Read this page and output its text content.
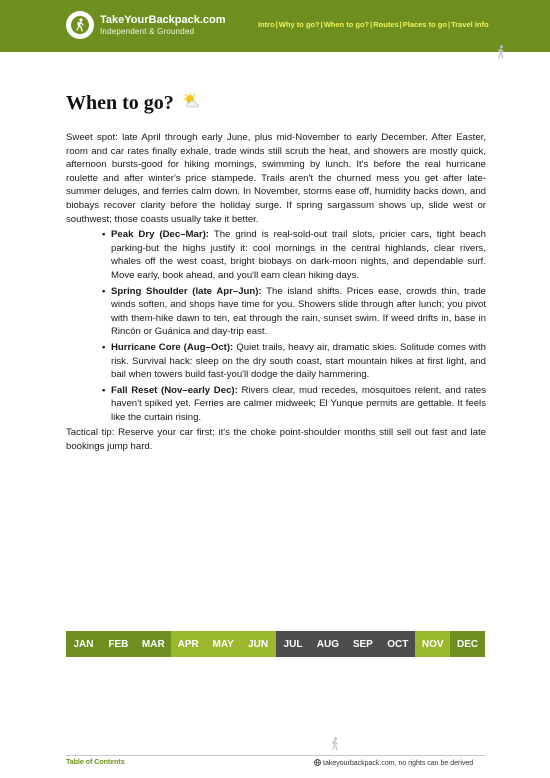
TakeYourBackpack.com
Independent & Grounded
Intro|Why to go?|When to go?|Routes|Places to go|Travel info
When to go?

Sweet spot: late April through early June, plus mid-November to early December. After Easter, room and car rates finally exhale, trade winds still scrub the heat, and showers are mostly quick, afternoon bursts-good for hiking mornings, swimming by lunch. It's before the real hurricane roulette and after winter's price stampede. Trails aren't the churned mess you get after late-summer deluges, and ferries calm down. In November, storms ease off, humidity backs down, and biobays recover clarity before the holiday surge. If spring sargassum shows up, slide west or southwest; those coasts usually take it better.

• Peak Dry (Dec–Mar): The grind is real-sold-out trail slots, pricier cars, tight beach parking-but the highs justify it: cool mornings in the central highlands, clear rivers, whales off the west coast, bright biobays on dark-moon nights, and dependable surf. Move early, book ahead, and you'll earn clean hiking days.
• Spring Shoulder (late Apr–Jun): The island shifts. Prices ease, crowds thin, trade winds soften, and shops have time for you. Showers slide through after lunch; you pivot with them-hike dawn to ten, eat through the rain, sunset swim. If weed drifts in, base in Rincón or Guánica and day-trip east.
• Hurricane Core (Aug–Oct): Quiet trails, heavy air, dramatic skies. Solitude comes with risk. Survival hack: sleep on the dry south coast, start mountain hikes at first light, and bail when towers build fast-you'll dodge the daily hammering.
• Fall Reset (Nov–early Dec): Rivers clear, mud recedes, mosquitoes relent, and rates haven't spiked yet. Ferries are calmer midweek; El Yunque permits are gettable. It feels like the curtain rising.

Tactical tip: Reserve your car first; it's the choke point-shoulder months still sell out fast and late bookings jump hard.

JAN	FEB	MAR	APR	MAY	JUN	JUL	AUG	SEP	OCT	NOV	DEC
Table of Contents	takeyourbackpack.com, no rights can be derived
